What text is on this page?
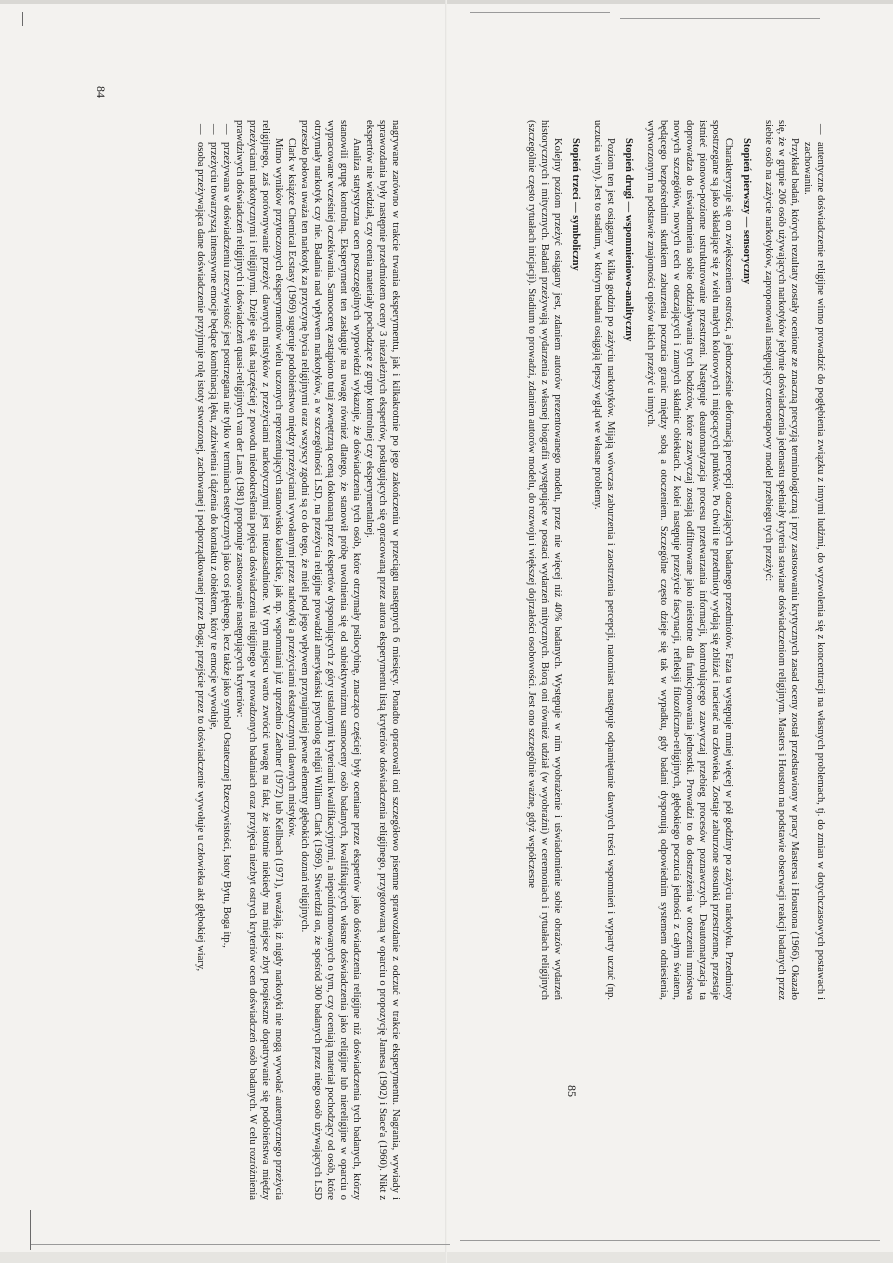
84

nagrywane zarówno w trakcie trwania eksperymentu, jak i kilkakrotnie po jego zakończeniu w przeciągu następnych 6 miesięcy. Ponadto opracowali oni szczegółowo pisemne sprawozdanie z odczuć w trakcie eksperymentu. Nagrania, wywiady i sprawozdania były następnie przedmiotem oceny 3 niezależnych ekspertów, posługujących się opracowaną przez autora eksperymentu listą kryteriów doświadczenia religijnego, przygotowaną w oparciu o propozycję Jamesa (1902) i Stace'a (1960). Nikt z ekspertów nie wiedział, czy ocenia materiały pochodzące z grupy kontrolnej czy eksperymentalnej.

Analiza statystyczna ocen poszczególnych wypowiedzi wykazuje, że doświadczenia tych osób, które otrzymały psilocybinę, znacząco częściej były oceniane przez ekspertów jako doświadczenia religijne niż doświadczenia tych badanych, którzy stanowili grupę kontrolną. Eksperyment ten zasługuje na uwagę również dlatego, że stanowił próbę uwolnienia się od subiektywnizmu samooceny osób badanych, kwalifikujących własne doświadczenia jako religijne lub niereligijne w oparciu o wypracowane wcześniej oczekiwania. Samoocenę zastąpiono tutaj zewnętrzną oceną dokonaną przez ekspertów dysponujących z góry ustalonymi kryteriami kwalifikacyjnymi, a niepoinformowanych o tym, czy oceniają materiał pochodzący od osób, które otrzymały narkotyk czy nie. Badania nad wpływem narkotyków, a w szczególności LSD, na przeżycia religijne prowadził amerykański psycholog religii William Clark (1969). Stwierdził on, że spośród 300 badanych przez niego osób używających LSD przeszło połowa uważa ten narkotyk za przyczynę bycia religijnymi oraz wszyscy zgodni są co do tego, że mieli pod jego wpływem przynajmniej pewne elementy głębokich doznań religijnych.

Clark w książce Chemical Ecstasy (1969) sugeruje podobieństwo między przeżyciami wywołanymi przez narkotyki a przeżyciami ekstatycznymi dawnych mistyków.

Mimo wyników przytoczonych eksperymentów wielu uczonych reprezentujących stanowisko katolickie, jak np. wspomniani już uprzednio Zaehner (1972) lub Kellbach (1971), uważają, iż nigdy narkotyki nie mogą wywołać autentycznego przeżycia religijnego, zaś porównywanie przeżyć dawnych mistyków z przeżyciami narkotycznymi jest nieuzasadnione. W tym miejscu warto zwrócić uwagę na fakt, że istotnie niekiedy ma miejsce zbyt pospieszne dopatrywanie się podobieństwa między przeżyciami narkotycznymi i religijnymi. Dzieje się tak najczęściej z powodu niedookreślenia pojęcia doświadczenia religijnego w prowadzonych badaniach oraz przyjęcia niezbyt ostrych kryteriów ocen doświadczeń osób badanych. W celu rozróżnienia prawdziwych doświadczeń religijnych i doświadczeń quasi-religijnych van der Lans (1981) proponuje zastosowanie następujących kryteriów:

— przeżywana w doświadczeniu rzeczywistość jest postrzegana nie tylko w terminach estetycznych jako coś pięknego, lecz także jako symbol Ostatecznej Rzeczywistości, Istoty Bytu, Boga itp.,
— przeżyciu towarzyszą intensywne emocje będące kombinacją lęku, zdziwienia i dążenia do kontaktu z obiektem, który te emocje wywołuje,
— osoba przeżywająca dane doświadczenie przyjmuje rolę istoty stworzonej, zachowanej i podporządkowanej przez Boga; przejście przez to doświadczenie wywołuje u człowieka akt głębokiej wiary,
85
— autentyczne doświadczenie religijne winno prowadzić do pogłębienia związku z innymi ludźmi, do wyzwolenia się z koncentracji na własnych problemach, tj. do zmian w dotychczasowych postawach i zachowaniu.

Przykład badań, których rezultaty zostały ocenione ze znaczną precyzją terminologiczną i przy zastosowaniu krytycznych zasad oceny został przedstawiony w pracy Mastersa i Houstona (1966). Okazało się, że w grupie 206 osób używających narkotyków jedynie doświadczenia jedenastu spełniały kryteria stawiane doświadczeniom religijnym. Masters i Houston na podstawie obserwacji reakcji badanych przez siebie osób na zażycie narkotyków, zaproponowali następujący czteroetapowy model przebiegu tych przeżyć:

Stopień pierwszy — sensoryczny

Charakteryzuje się on zwiększeniem ostrości, a jednocześnie deformacją percepcji otaczających badanego przedmiotów. Faza ta występuje mniej więcej w pół godziny po zażyciu narkotyku. Przedmioty spostrzegane są jako składające się z wielu małych kolorowych i migocących punktów. Po chwili te przedmioty wydają się zbliżać i nacierać na człowieka. Zostaje zaburzone stosunki przestrzenne, przestaje istnieć pionowo-poziome ustrukturowanie przestrzeni. Następuje deautomatyzacja procesu przetwarzania informacji, kontrolującego zazwyczaj przebieg procesów poznawczych. Deautomatyzacja ta doprowadza do uświadomienia sobie oddziaływania tych bodźców, które zazwyczaj zostają odfiltrowane jako nieistotne dla funkcjonowania jednostki. Prowadzi to do dostrzeżenia w otoczeniu mnóstwa nowych szczegółów, nowych cech w otaczających i znanych składnic obiektach. Z kolei następuje przeżycie fascynacji, refleksji filozoficzno-religijnych, głębokiego poczucia jedności z całym światem, będącego bezpośrednim skutkiem zaburzenia poczucia granic między sobą a otoczeniem. Szczególne często dzieje się tak w wypadku, gdy badani dysponują odpowiednim systemem odniesienia, wytworzonym na podstawie znajomości opisów takich przeżyć u innych.

Stopień drugi — wspomnieniowo-analityczny

Poziom ten jest osiągany w kilka godzin po zażyciu narkotyków. Mijają wówczas zaburzenia i zaostrzenia percepcji, natomiast następuje odpamiętanie dawnych treści wspomnień i wyparty uczuć (np. uczucia winy). Jest to stadium, w którym badani osiągają lepszy wgląd we własne problemy.

Stopień trzeci — symboliczny

Kolejny poziom przeżyć osiągany jest, zdaniem autorów prezentowanego modelu, przez nie więcej niż 40% badanych. Występuje w nim wyobrażenie i uświadomienie sobie obrazów wydarzeń historycznych i mitycznych. Badani przeżywają wydarzenia z własnej biografii występujące w postaci wydarzeń mitycznych. Biorą oni również udział (w wyobraźni) w ceremoniach i rytuałach religijnych (szczególnie często rytuałach inicjacji). Stadium to prowadzi, zdaniem autorów modelu, do rozwoju i większej dojrzałości osobowości. Jest ono szczególnie ważne, gdyż współczesne
